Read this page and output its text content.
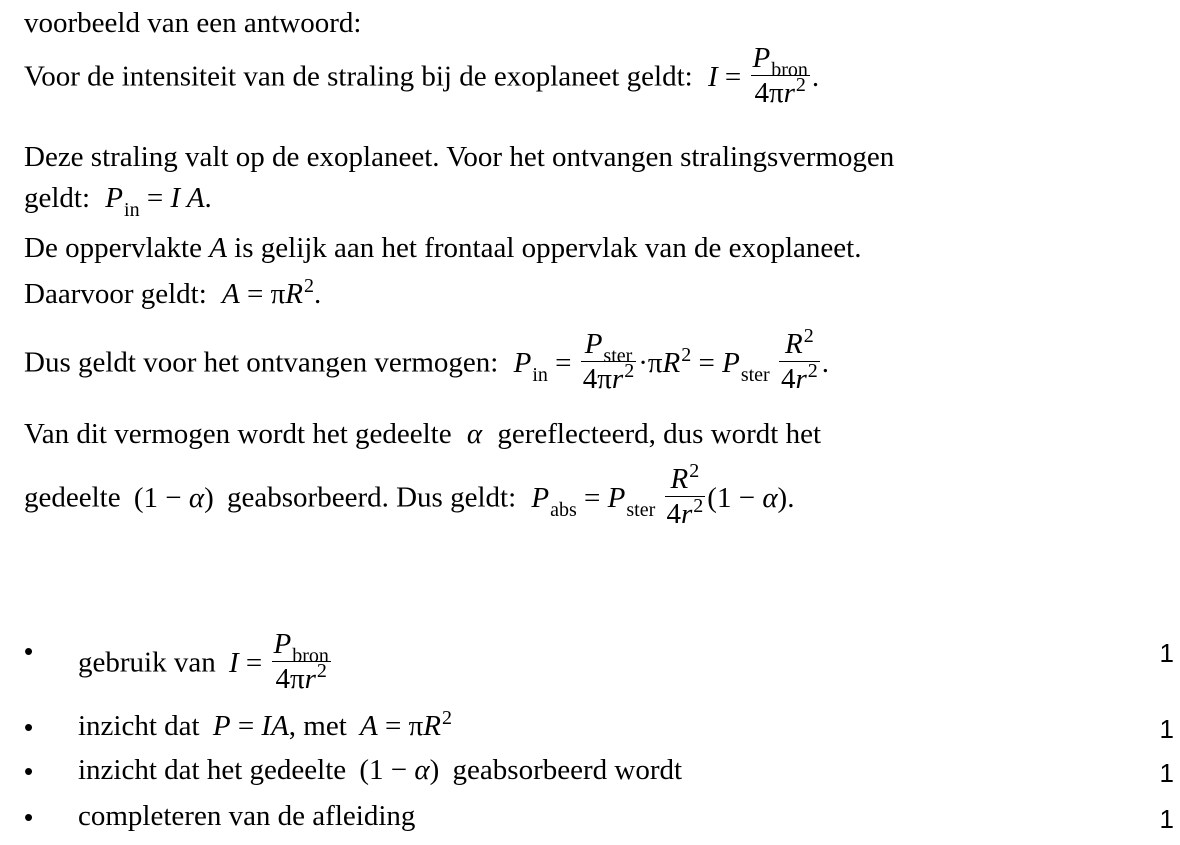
voorbeeld van een antwoord:
Voor de intensiteit van de straling bij de exoplaneet geldt: $I = \frac{P_{bron}}{4\pi r^2}$ .
Deze straling valt op de exoplaneet. Voor het ontvangen stralingsvermogen
geldt: $P_{in} = I$ A.
De oppervlakte A is gelijk aan het frontaal oppervlak van de exoplaneet.
Daarvoor geldt: $A = \pi R^2$.
Dus geldt voor het ontvangen vermogen: $P_{in} = \frac{P_{ster}}{4\pi r^2} \cdot\pi R^2 = P_{ster} \frac{R^2}{4r^2}$ .
Van dit vermogen wordt het gedeelte α gereflecteerd, dus wordt het
gedeelte (1 − α) geabsorbeerd. Dus geldt: $P_{abs} = P_{ster} \frac{R^2}{4r^2} (1 - \alpha)$.
• gebruik van $I = \frac{P_{bron}}{4\pi r^2}$	1
• inzicht dat P = IA, met $A = \pi R^2$	1
• inzicht dat het gedeelte (1 − α) geabsorbeerd wordt	1
• completeren van de afleiding	1
